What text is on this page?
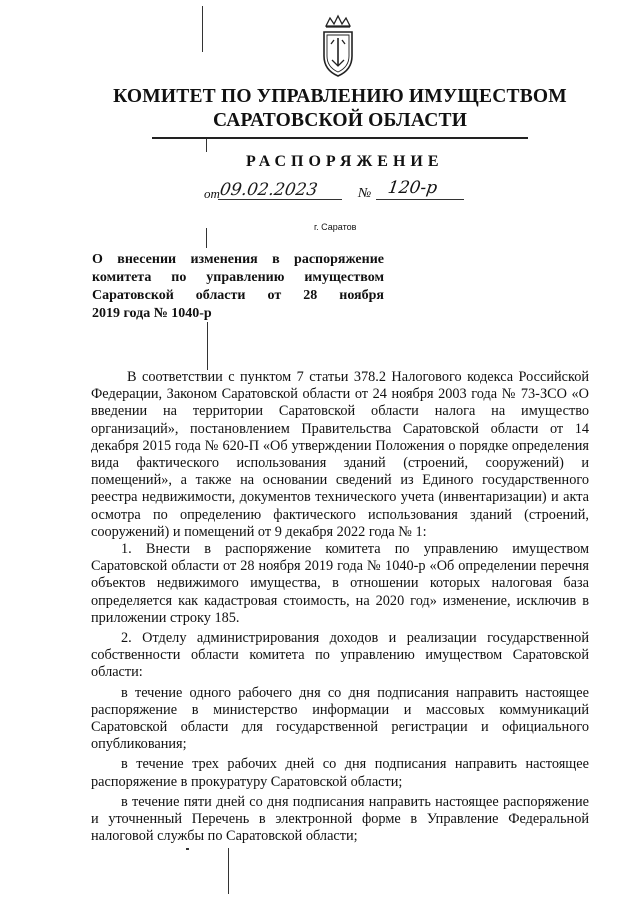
КОМИТЕТ ПО УПРАВЛЕНИЮ ИМУЩЕСТВОМ
САРАТОВСКОЙ ОБЛАСТИ
РАСПОРЯЖЕНИЕ
от
09.02.2023	№ 120-р
г. Саратов
О внесении изменения в распоряжение
комитета по управлению имуществом
Саратовской области от 28 ноября
2019 года № 1040-р

В соответствии с пунктом 7 статьи 378.2 Налогового кодекса Российской Федерации, Законом Саратовской области от 24 ноября 2003 года № 73-ЗСО «О введении на территории Саратовской области налога на имущество организаций», постановлением Правительства Саратовской области от 14 декабря 2015 года № 620-П «Об утверждении Положения о порядке определения вида фактического использования зданий (строений, сооружений) и помещений», а также на основании сведений из Единого государственного реестра недвижимости, документов технического учета (инвентаризации) и акта осмотра по определению фактического использования зданий (строений, сооружений) и помещений от 9 декабря 2022 года № 1:

1. Внести в распоряжение комитета по управлению имуществом Саратовской области от 28 ноября 2019 года № 1040-р «Об определении перечня объектов недвижимого имущества, в отношении которых налоговая база определяется как кадастровая стоимость, на 2020 год» изменение, исключив в приложении строку 185.

2. Отделу администрирования доходов и реализации государственной собственности области комитета по управлению имуществом Саратовской области:

в течение одного рабочего дня со дня подписания направить настоящее распоряжение в министерство информации и массовых коммуникаций Саратовской области для государственной регистрации и официального опубликования;

в течение трех рабочих дней со дня подписания направить настоящее распоряжение в прокуратуру Саратовской области;

в течение пяти дней со дня подписания направить настоящее распоряжение и уточненный Перечень в электронной форме в Управление Федеральной налоговой службы по Саратовской области;
